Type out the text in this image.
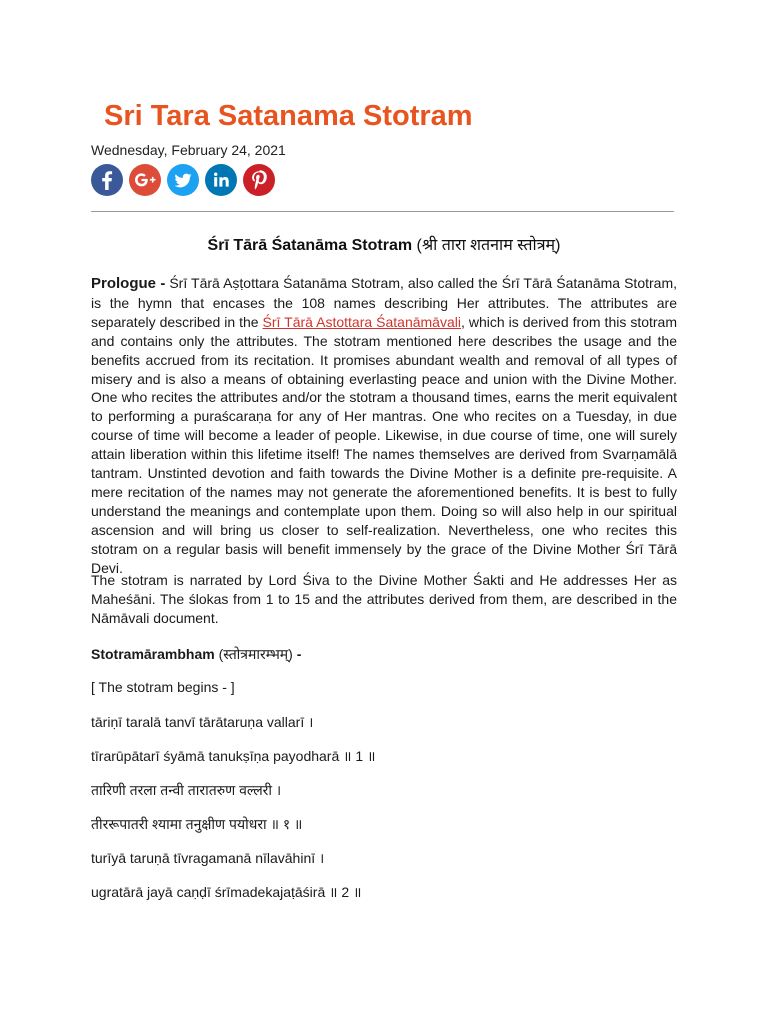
Sri Tara Satanama Stotram
Wednesday, February 24, 2021
Śrī Tārā Śatanāma Stotram (श्री तारा शतनाम स्तोत्रम्)
Prologue - Śrī Tārā Aṣṭottara Śatanāma Stotram, also called the Śrī Tārā Śatanāma Stotram, is the hymn that encases the 108 names describing Her attributes. The attributes are separately described in the Śrī Tārā Astottara Śatanāmāvali, which is derived from this stotram and contains only the attributes. The stotram mentioned here describes the usage and the benefits accrued from its recitation. It promises abundant wealth and removal of all types of misery and is also a means of obtaining everlasting peace and union with the Divine Mother. One who recites the attributes and/or the stotram a thousand times, earns the merit equivalent to performing a puraścaraṇa for any of Her mantras. One who recites on a Tuesday, in due course of time will become a leader of people. Likewise, in due course of time, one will surely attain liberation within this lifetime itself! The names themselves are derived from Svarṇamālā tantram. Unstinted devotion and faith towards the Divine Mother is a definite pre-requisite. A mere recitation of the names may not generate the aforementioned benefits. It is best to fully understand the meanings and contemplate upon them. Doing so will also help in our spiritual ascension and will bring us closer to self-realization. Nevertheless, one who recites this stotram on a regular basis will benefit immensely by the grace of the Divine Mother Śrī Tārā Devi.
The stotram is narrated by Lord Śiva to the Divine Mother Śakti and He addresses Her as Maheśāni. The ślokas from 1 to 15 and the attributes derived from them, are described in the Nāmāvali document.
Stotramārambham (स्तोत्रमारम्भम्) -
[ The stotram begins - ]
tāriṇī taralā tanvī tārātaruṇa vallarī ।
tīrarūpātarī śyāmā tanukṣīṇa payodharā ॥ 1 ॥
तारिणी तरला तन्वी तारातरुण वल्लरी ।
तीररूपातरी श्यामा तनुक्षीण पयोधरा ॥ १ ॥
turīyā taruṇā tīvragamanā nīlavāhinī ।
ugratārā jayā caṇḍī śrīmadekajaṭāśirā ॥ 2 ॥
